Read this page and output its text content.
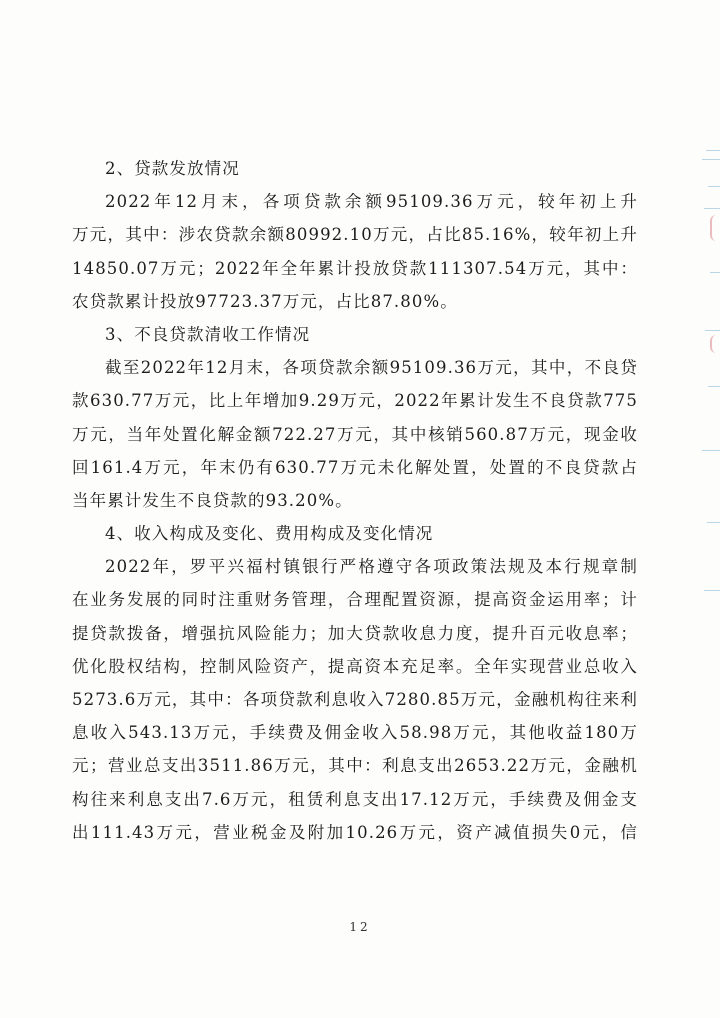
2、贷款发放情况
2022年12月末，各项贷款余额95109.36万元，较年初上升
万元，其中：涉农贷款余额80992.10万元，占比85.16%，较年初上升
14850.07万元；2022年全年累计投放贷款111307.54万元，其中：
农贷款累计投放97723.37万元，占比87.80%。
3、不良贷款清收工作情况
截至2022年12月末，各项贷款余额95109.36万元，其中，不良贷
款630.77万元，比上年增加9.29万元，2022年累计发生不良贷款775
万元，当年处置化解金额722.27万元，其中核销560.87万元，现金收
回161.4万元，年末仍有630.77万元未化解处置，处置的不良贷款占
当年累计发生不良贷款的93.20%。
4、收入构成及变化、费用构成及变化情况
2022年，罗平兴福村镇银行严格遵守各项政策法规及本行规章制
在业务发展的同时注重财务管理，合理配置资源，提高资金运用率；计
提贷款拨备，增强抗风险能力；加大贷款收息力度，提升百元收息率；
优化股权结构，控制风险资产，提高资本充足率。全年实现营业总收入
5273.6万元，其中：各项贷款利息收入7280.85万元，金融机构往来利
息收入543.13万元，手续费及佣金收入58.98万元，其他收益180万
元；营业总支出3511.86万元，其中：利息支出2653.22万元，金融机
构往来利息支出7.6万元，租赁利息支出17.12万元，手续费及佣金支
出111.43万元，营业税金及附加10.26万元，资产减值损失0元，信
12
